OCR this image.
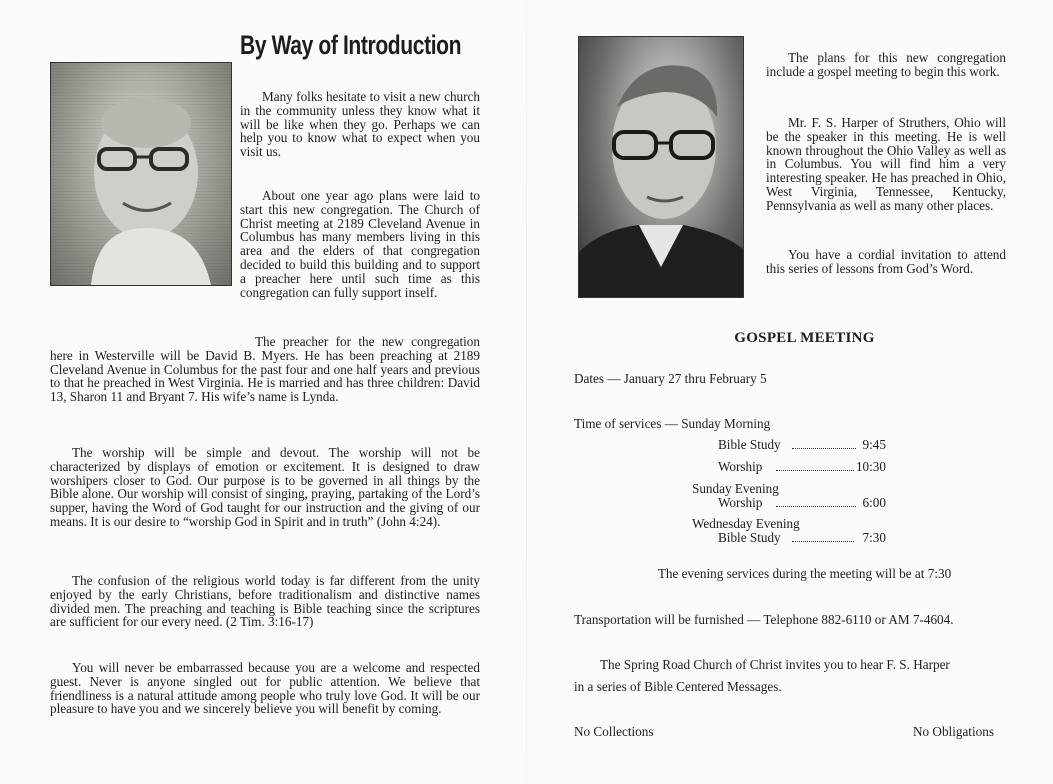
By Way of Introduction

Many folks hesitate to visit a new church in the community unless they know what it will be like when they go. Perhaps we can help you to know what to expect when you visit us.

About one year ago plans were laid to start this new congregation. The Church of Christ meeting at 2189 Cleveland Avenue in Columbus has many members living in this area and the elders of that congregation decided to build this building and to support a preacher here until such time as this congregation can fully support inself.

The preacher for the new congregation here in Westerville will be David B. Myers. He has been preaching at 2189 Cleveland Avenue in Columbus for the past four and one half years and previous to that he preached in West Virginia. He is married and has three children: David 13, Sharon 11 and Bryant 7. His wife’s name is Lynda.

The worship will be simple and devout. The worship will not be characterized by displays of emotion or excitement. It is designed to draw worshipers closer to God. Our purpose is to be governed in all things by the Bible alone. Our worship will consist of singing, praying, partaking of the Lord’s supper, having the Word of God taught for our instruction and the giving of our means. It is our desire to “worship God in Spirit and in truth” (John 4:24).

The confusion of the religious world today is far different from the unity enjoyed by the early Christians, before traditionalism and distinctive names divided men. The preaching and teaching is Bible teaching since the scriptures are sufficient for our every need. (2 Tim. 3:16-17)

You will never be embarrassed because you are a welcome and respected guest. Never is anyone singled out for public attention. We believe that friendliness is a natural attitude among people who truly love God. It will be our pleasure to have you and we sincerely believe you will benefit by coming.

The plans for this new congregation include a gospel meeting to begin this work.

Mr. F. S. Harper of Struthers, Ohio will be the speaker in this meeting. He is well known throughout the Ohio Valley as well as in Columbus. You will find him a very interesting speaker. He has preached in Ohio, West Virginia, Tennessee, Kentucky, Pennsylvania as well as many other places.

You have a cordial invitation to attend this series of lessons from God’s Word.

GOSPEL MEETING
Dates — January 27 thru February 5
Time of services — Sunday Morning
Bible Study	9:45
Worship	10:30
Sunday Evening
Worship	6:00
Wednesday Evening
Bible Study	7:30
The evening services during the meeting will be at 7:30
Transportation will be furnished — Telephone 882-6110 or AM 7-4604.
The Spring Road Church of Christ invites you to hear F. S. Harper
in a series of Bible Centered Messages.
No Collections	No Obligations
